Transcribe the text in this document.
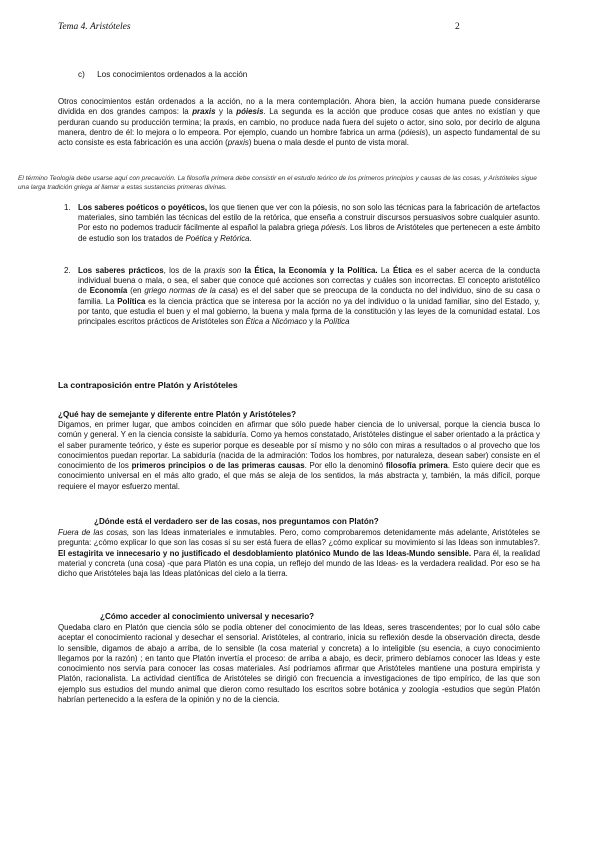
Tema 4. Aristóteles	2
c) Los conocimientos ordenados a la acción
Otros conocimientos están ordenados a la acción, no a la mera contemplación. Ahora bien, la acción humana puede considerarse dividida en dos grandes campos: la praxis y la póiesis. La segunda es la acción que produce cosas que antes no existían y que perduran cuando su producción termina; la praxis, en cambio, no produce nada fuera del sujeto o actor, sino solo, por decirlo de alguna manera, dentro de él: lo mejora o lo empeora. Por ejemplo, cuando un hombre fabrica un arma (póiesis), un aspecto fundamental de su acto consiste es esta fabricación es una acción (praxis) buena o mala desde el punto de vista moral.
El término Teología debe usarse aquí con precaución. La filosofía primera debe consistir en el estudio teórico de los primeros principios y causas de las cosas, y Aristóteles sigue una larga tradición griega al llamar a estas sustancias primeras divinas.
1. Los saberes poéticos o poyéticos, los que tienen que ver con la póiesis, no son solo las técnicas para la fabricación de artefactos materiales, sino también las técnicas del estilo de la retórica, que enseña a construir discursos persuasivos sobre cualquier asunto. Por esto no podemos traducir fácilmente al español la palabra griega póiesis. Los libros de Aristóteles que pertenecen a este ámbito de estudio son los tratados de Poética y Retórica.

2. Los saberes prácticos, los de la praxis son la Ética, la Economía y la Política. La Ética es el saber acerca de la conducta individual buena o mala, o sea, el saber que conoce qué acciones son correctas y cuáles son incorrectas. El concepto aristotélico de Economía (en griego normas de la casa) es el del saber que se preocupa de la conducta no del individuo, sino de su casa o familia. La Política es la ciencia práctica que se interesa por la acción no ya del individuo o la unidad familiar, sino del Estado, y, por tanto, que estudia el buen y el mal gobierno, la buena y mala fprma de la constitución y las leyes de la comunidad estatal. Los principales escritos prácticos de Aristóteles son Ética a Nicómaco y la Política

La contraposición entre Platón y Aristóteles
¿Qué hay de semejante y diferente entre Platón y Aristóteles?
Digamos, en primer lugar, que ambos coinciden en afirmar que sólo puede haber ciencia de lo universal, porque la ciencia busca lo común y general. Y en la ciencia consiste la sabiduría. Como ya hemos constatado, Aristóteles distingue el saber orientado a la práctica y el saber puramente teórico, y éste es superior porque es deseable por sí mismo y no sólo con miras a resultados o al provecho que los conocimientos puedan reportar. La sabiduría (nacida de la admiración: Todos los hombres, por naturaleza, desean saber) consiste en el conocimiento de los primeros principios o de las primeras causas. Por ello la denominó filosofía primera. Esto quiere decir que es conocimiento universal en el más alto grado, el que más se aleja de los sentidos, la más abstracta y, también, la más difícil, porque requiere el mayor esfuerzo mental.
¿Dónde está el verdadero ser de las cosas, nos preguntamos con Platón?
Fuera de las cosas, son las Ideas inmateriales e inmutables. Pero, como comprobaremos detenidamente más adelante, Aristóteles se pregunta: ¿cómo explicar lo que son las cosas si su ser está fuera de ellas? ¿cómo explicar su movimiento si las Ideas son inmutables?. El estagirita ve innecesario y no justificado el desdoblamiento platónico Mundo de las Ideas-Mundo sensible. Para él, la realidad material y concreta (una cosa) -que para Platón es una copia, un reflejo del mundo de las Ideas- es la verdadera realidad. Por eso se ha dicho que Aristóteles baja las Ideas platónicas del cielo a la tierra.
¿Cómo acceder al conocimiento universal y necesario?
Quedaba claro en Platón que ciencia sólo se podía obtener del conocimiento de las Ideas, seres trascendentes; por lo cual sólo cabe aceptar el conocimiento racional y desechar el sensorial. Aristóteles, al contrario, inicia su reflexión desde la observación directa, desde lo sensible, digamos de abajo a arriba, de lo sensible (la cosa material y concreta) a lo inteligible (su esencia, a cuyo conocimiento llegamos por la razón) ; en tanto que Platón invertía el proceso: de arriba a abajo, es decir, primero debíamos conocer las Ideas y este conocimiento nos servía para conocer las cosas materiales. Así podríamos afirmar que Aristóteles mantiene una postura empirista y Platón, racionalista. La actividad científica de Aristóteles se dirigió con frecuencia a investigaciones de tipo empírico, de las que son ejemplo sus estudios del mundo animal que dieron como resultado los escritos sobre botánica y zoología -estudios que según Platón habrían pertenecido a la esfera de la opinión y no de la ciencia.
